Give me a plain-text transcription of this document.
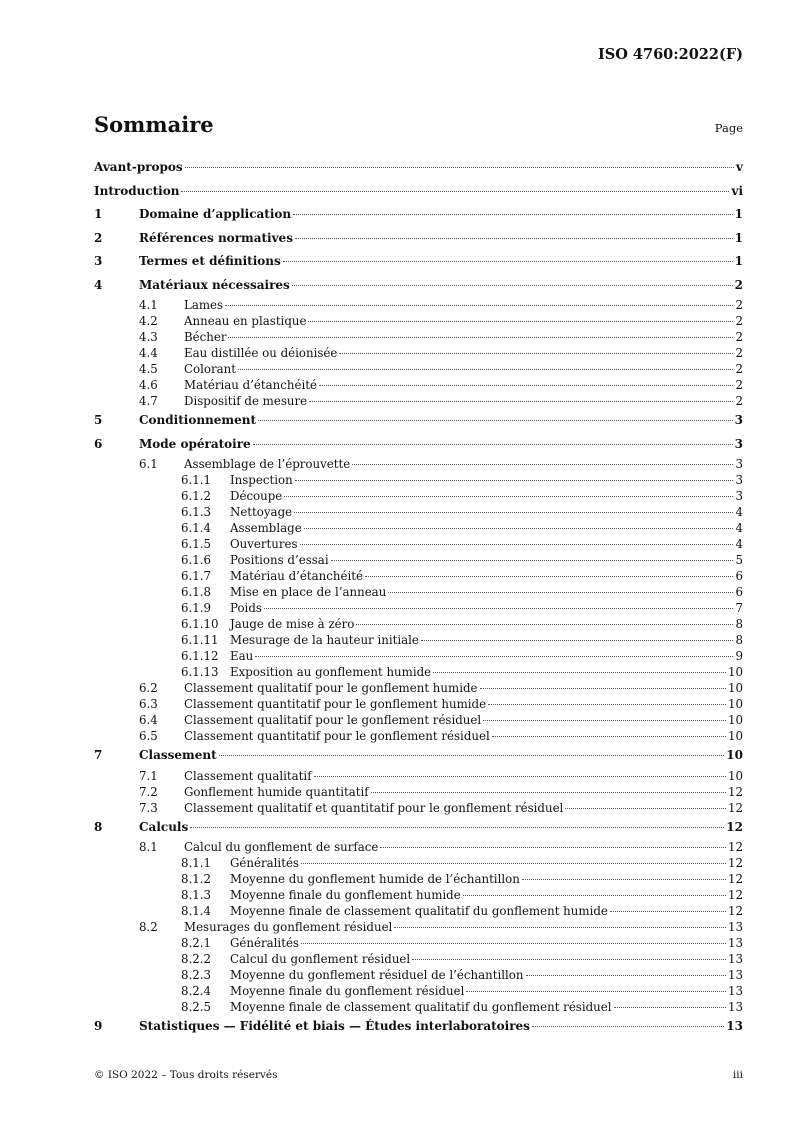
ISO 4760:2022(F)
Sommaire	Page
Avant-propos	v
Introduction	vi
1	Domaine d’application	1
2	Références normatives	1
3	Termes et définitions	1
4	Matériaux nécessaires	2
4.1	Lames	2
4.2	Anneau en plastique	2
4.3	Bécher	2
4.4	Eau distillée ou déionisée	2
4.5	Colorant	2
4.6	Matériau d’étanchéité	2
4.7	Dispositif de mesure	2
5	Conditionnement	3
6	Mode opératoire	3
6.1	Assemblage de l’éprouvette	3
6.1.1	Inspection	3
6.1.2	Découpe	3
6.1.3	Nettoyage	4
6.1.4	Assemblage	4
6.1.5	Ouvertures	4
6.1.6	Positions d’essai	5
6.1.7	Matériau d’étanchéité	6
6.1.8	Mise en place de l’anneau	6
6.1.9	Poids	7
6.1.10 Jauge de mise à zéro	8
6.1.11 Mesurage de la hauteur initiale	8
6.1.12 Eau	9
6.1.13 Exposition au gonflement humide	10
6.2	Classement qualitatif pour le gonflement humide	10
6.3	Classement quantitatif pour le gonflement humide	10
6.4	Classement qualitatif pour le gonflement résiduel	10
6.5	Classement quantitatif pour le gonflement résiduel	10
7	Classement	10
7.1	Classement qualitatif	10
7.2	Gonflement humide quantitatif	12
7.3	Classement qualitatif et quantitatif pour le gonflement résiduel	12
8	Calculs	12
8.1	Calcul du gonflement de surface	12
8.1.1	Généralités	12
8.1.2	Moyenne du gonflement humide de l’échantillon	12
8.1.3	Moyenne finale du gonflement humide	12
8.1.4	Moyenne finale de classement qualitatif du gonflement humide	12
8.2	Mesurages du gonflement résiduel	13
8.2.1	Généralités	13
8.2.2	Calcul du gonflement résiduel	13
8.2.3	Moyenne du gonflement résiduel de l’échantillon	13
8.2.4	Moyenne finale du gonflement résiduel	13
8.2.5	Moyenne finale de classement qualitatif du gonflement résiduel	13
9	Statistiques — Fidélité et biais — Études interlaboratoires	13
© ISO 2022 – Tous droits réservés	iii
